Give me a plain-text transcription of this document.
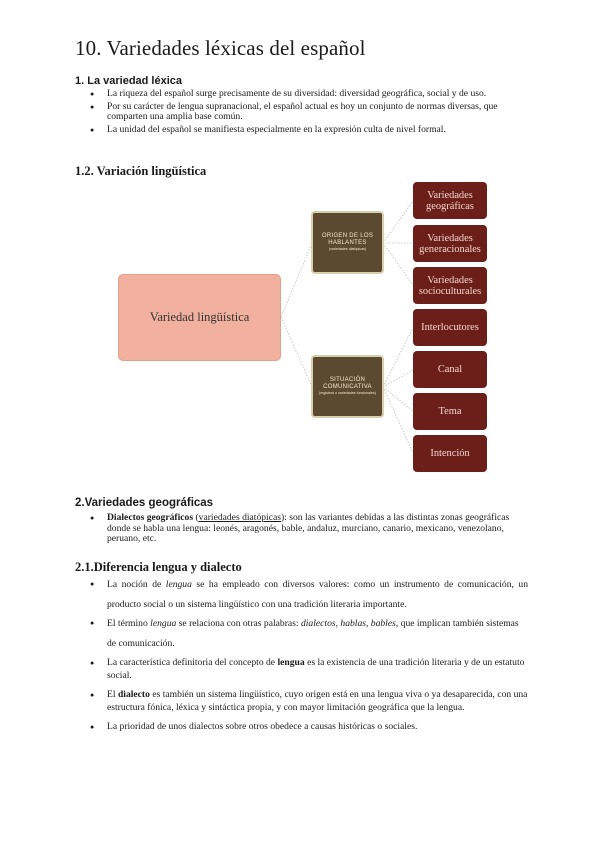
10. Variedades léxicas del español
1. La variedad léxica
● La riqueza del español surge precisamente de su diversidad: diversidad geográfica, social y de uso.
● Por su carácter de lengua supranacional, el español actual es hoy un conjunto de normas diversas, que comparten una amplia base común.
● La unidad del español se manifiesta especialmente en la expresión culta de nivel formal.
1.2. Variación lingüística
Variedad lingüística
ORIGEN DE LOS HABLANTES
(variedades diatópicas)
SITUACIÓN COMUNICATIVA
(registros o variedades funcionales)
Variedades geográficas
Variedades generacionales
Variedades socioculturales
Interlocutores
Canal
Tema
Intención
2.Variedades geográficas
● Dialectos geográficos (variedades diatópicas): son las variantes debidas a las distintas zonas geográficas donde se habla una lengua: leonés, aragonés, bable, andaluz, murciano, canario, mexicano, venezolano, peruano, etc.
2.1.Diferencia lengua y dialecto
● La noción de lengua se ha empleado con diversos valores: como un instrumento de comunicación, un producto social o un sistema lingüístico con una tradición literaria importante.
● El término lengua se relaciona con otras palabras: dialectos, hablas, bables, que implican también sistemas de comunicación.
● La característica definitoria del concepto de lengua es la existencia de una tradición literaria y de un estatuto social.
● El dialecto es también un sistema lingüístico, cuyo origen está en una lengua viva o ya desaparecida, con una estructura fónica, léxica y sintáctica propia, y con mayor limitación geográfica que la lengua.
● La prioridad de unos dialectos sobre otros obedece a causas históricas o sociales.
